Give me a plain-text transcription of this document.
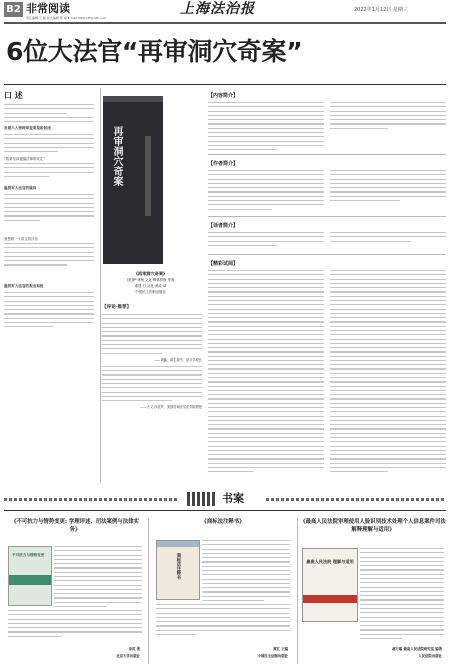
B2 非常阅读
责任编辑 王 睦 版式编辑 郭 睿 E-mail:fzbfcydf@126.com
上海法治报	2022年1月12日 星期三
6位大法官“再审洞穴奇案”
口 述
发着六人律师审查案是如何找
“我要坚持遵循法律的规定”
温铁军大法官的疑问
我想做一个真正的法官
温铁军大法官的观点和批
再审洞穴奇案
《再审洞穴奇案》
[美]萨·菲格 文化·博林菲斯 等著
重建 石 文化·黄成 译
中国民主法制出版社
【评论·推荐】
——黄鑫、鸿生源书、复旦学校长
——大义·沙皮罗，美国咨询法学法学院教授
【内容简介】
【作者简介】
【译者简介】
【精彩试阅】
书案
《不可抗力与情势变更: 学理评述、司法案例与法律实务》
不可抗力与情势变更
李英 著
北京大学出版社
《商标法注释书》
商标法注释书
黄汇 主编
中国民主法制出版社
《最高人民法院审理使用人脸识别技术处理个人信息案件司法解释理解与适用》
最高人民法院 理解与适用
郝万聪 最高人民法院研究室 编著
人民法院出版社
